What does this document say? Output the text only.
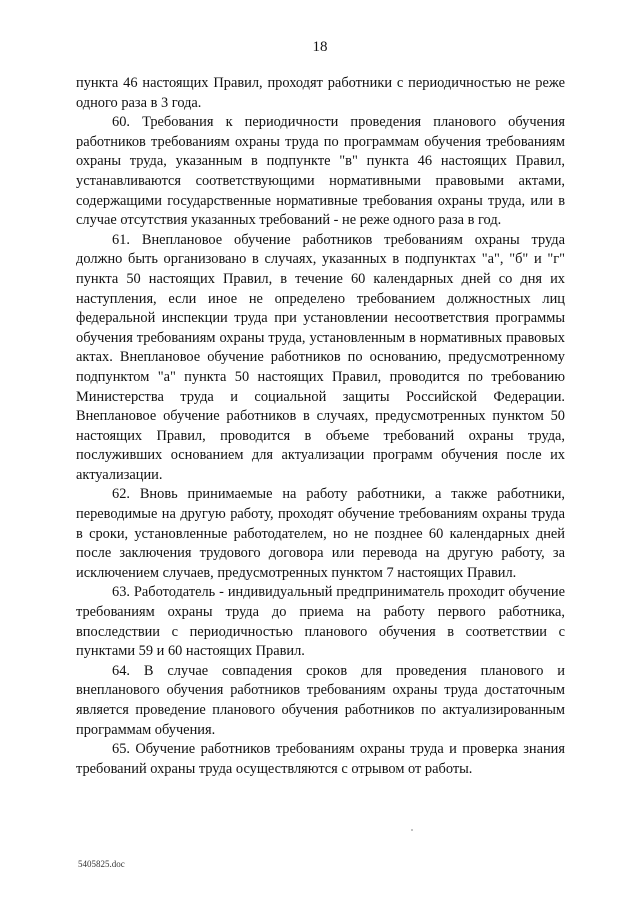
18

пункта 46 настоящих Правил, проходят работники с периодичностью не реже одного раза в 3 года.

60. Требования к периодичности проведения планового обучения работников требованиям охраны труда по программам обучения требованиям охраны труда, указанным в подпункте "в" пункта 46 настоящих Правил, устанавливаются соответствующими нормативными правовыми актами, содержащими государственные нормативные требования охраны труда, или в случае отсутствия указанных требований - не реже одного раза в год.

61. Внеплановое обучение работников требованиям охраны труда должно быть организовано в случаях, указанных в подпунктах "а", "б" и "г" пункта 50 настоящих Правил, в течение 60 календарных дней со дня их наступления, если иное не определено требованием должностных лиц федеральной инспекции труда при установлении несоответствия программы обучения требованиям охраны труда, установленным в нормативных правовых актах. Внеплановое обучение работников по основанию, предусмотренному подпунктом "а" пункта 50 настоящих Правил, проводится по требованию Министерства труда и социальной защиты Российской Федерации. Внеплановое обучение работников в случаях, предусмотренных пунктом 50 настоящих Правил, проводится в объеме требований охраны труда, послуживших основанием для актуализации программ обучения после их актуализации.

62. Вновь принимаемые на работу работники, а также работники, переводимые на другую работу, проходят обучение требованиям охраны труда в сроки, установленные работодателем, но не позднее 60 календарных дней после заключения трудового договора или перевода на другую работу, за исключением случаев, предусмотренных пунктом 7 настоящих Правил.

63. Работодатель - индивидуальный предприниматель проходит обучение требованиям охраны труда до приема на работу первого работника, впоследствии с периодичностью планового обучения в соответствии с пунктами 59 и 60 настоящих Правил.

64. В случае совпадения сроков для проведения планового и внепланового обучения работников требованиям охраны труда достаточным является проведение планового обучения работников по актуализированным программам обучения.

65. Обучение работников требованиям охраны труда и проверка знания требований охраны труда осуществляются с отрывом от работы.

5405825.doc
